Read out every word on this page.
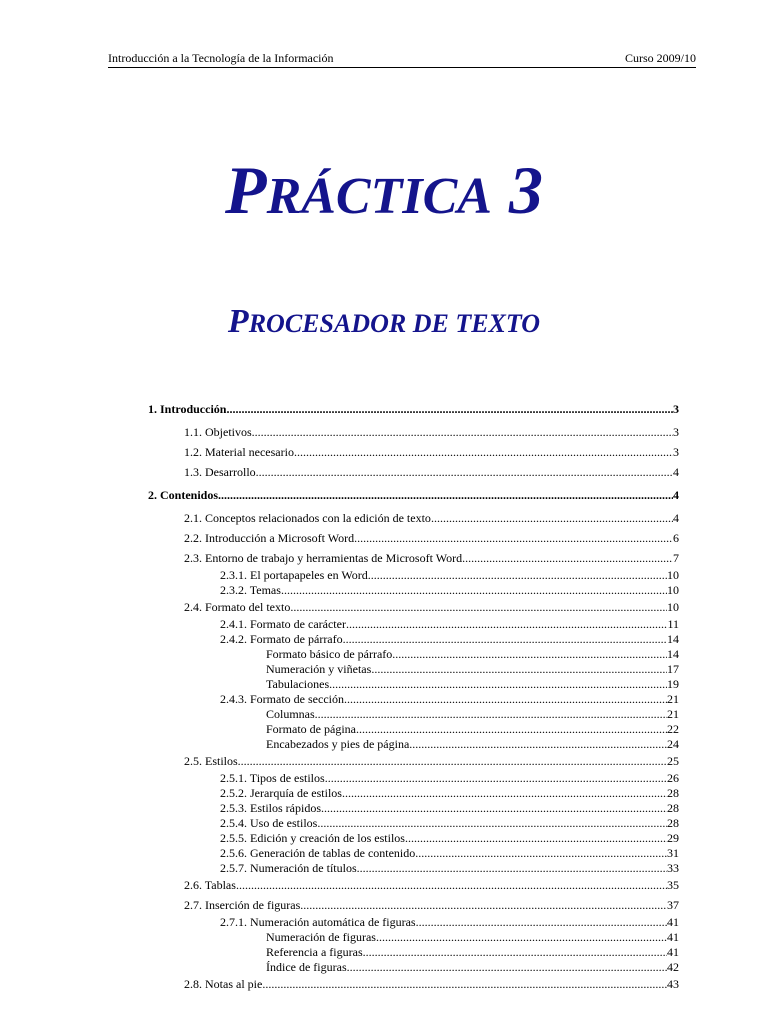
Introducción a la Tecnología de la Información	Curso 2009/10
PRÁCTICA 3
PROCESADOR DE TEXTO
1. Introducción .....	3
1.1. Objetivos .....	3
1.2. Material necesario .....	3
1.3. Desarrollo .....	4
2. Contenidos .....	4
2.1. Conceptos relacionados con la edición de texto .....	4
2.2. Introducción a Microsoft Word .....	6
2.3. Entorno de trabajo y herramientas de Microsoft Word .....	7
2.3.1. El portapapeles en Word .....	10
2.3.2. Temas .....	10
2.4. Formato del texto .....	10
2.4.1. Formato de carácter .....	11
2.4.2. Formato de párrafo .....	14
Formato básico de párrafo .....	14
Numeración y viñetas .....	17
Tabulaciones .....	19
2.4.3. Formato de sección .....	21
Columnas .....	21
Formato de página .....	22
Encabezados y pies de página .....	24
2.5. Estilos .....	25
2.5.1. Tipos de estilos .....	26
2.5.2. Jerarquía de estilos .....	28
2.5.3. Estilos rápidos .....	28
2.5.4. Uso de estilos .....	28
2.5.5. Edición y creación de los estilos .....	29
2.5.6. Generación de tablas de contenido .....	31
2.5.7. Numeración de títulos .....	33
2.6. Tablas .....	35
2.7. Inserción de figuras .....	37
2.7.1. Numeración automática de figuras .....	41
Numeración de figuras .....	41
Referencia a figuras .....	41
Índice de figuras .....	42
2.8. Notas al pie .....	43
